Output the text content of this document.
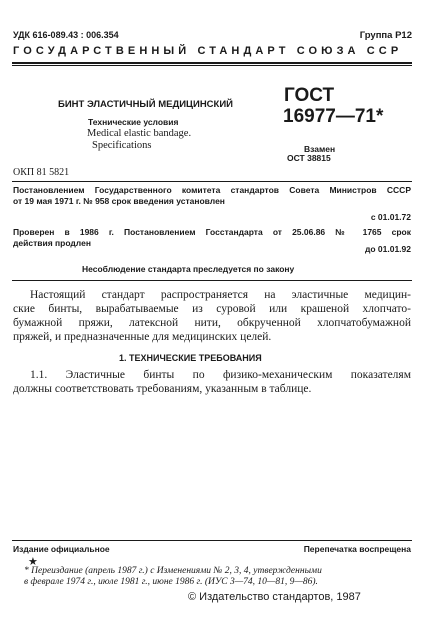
УДК 616-089.43 : 006.354	Группа Р12
ГОСУДАРСТВЕННЫЙ СТАНДАРТ СОЮЗА ССР
БИНТ ЭЛАСТИЧНЫЙ МЕДИЦИНСКИЙ
Технические условия
Medical elastic bandage.
Specifications
ГОСТ
16977—71*
Взамен
ОСТ 38815
ОКП 81 5821
Постановлением Государственного комитета стандартов Совета Министров СССР
от 19 мая 1971 г. № 958 срок введения установлен
с 01.01.72
Проверен в 1986 г. Постановлением Госстандарта от 25.06.86 № 1765 срок
действия продлен
до 01.01.92
Несоблюдение стандарта преследуется по закону
Настоящий стандарт распространяется на эластичные медицин-
ские бинты, вырабатываемые из суровой или крашеной хлопчато-
бумажной пряжи, латексной нити, обкрученной хлопчатобумажной
пряжей, и предназначенные для медицинских целей.
1. ТЕХНИЧЕСКИЕ ТРЕБОВАНИЯ
1.1. Эластичные бинты по физико-механическим показателям
должны соответствовать требованиям, указанным в таблице.
Издание официальное	Перепечатка воспрещена
★
* Переиздание (апрель 1987 г.) с Изменениями № 2, 3, 4, утвержденными
в феврале 1974 г., июле 1981 г., июне 1986 г. (ИУС 3—74, 10—81, 9—86).
© Издательство стандартов, 1987
